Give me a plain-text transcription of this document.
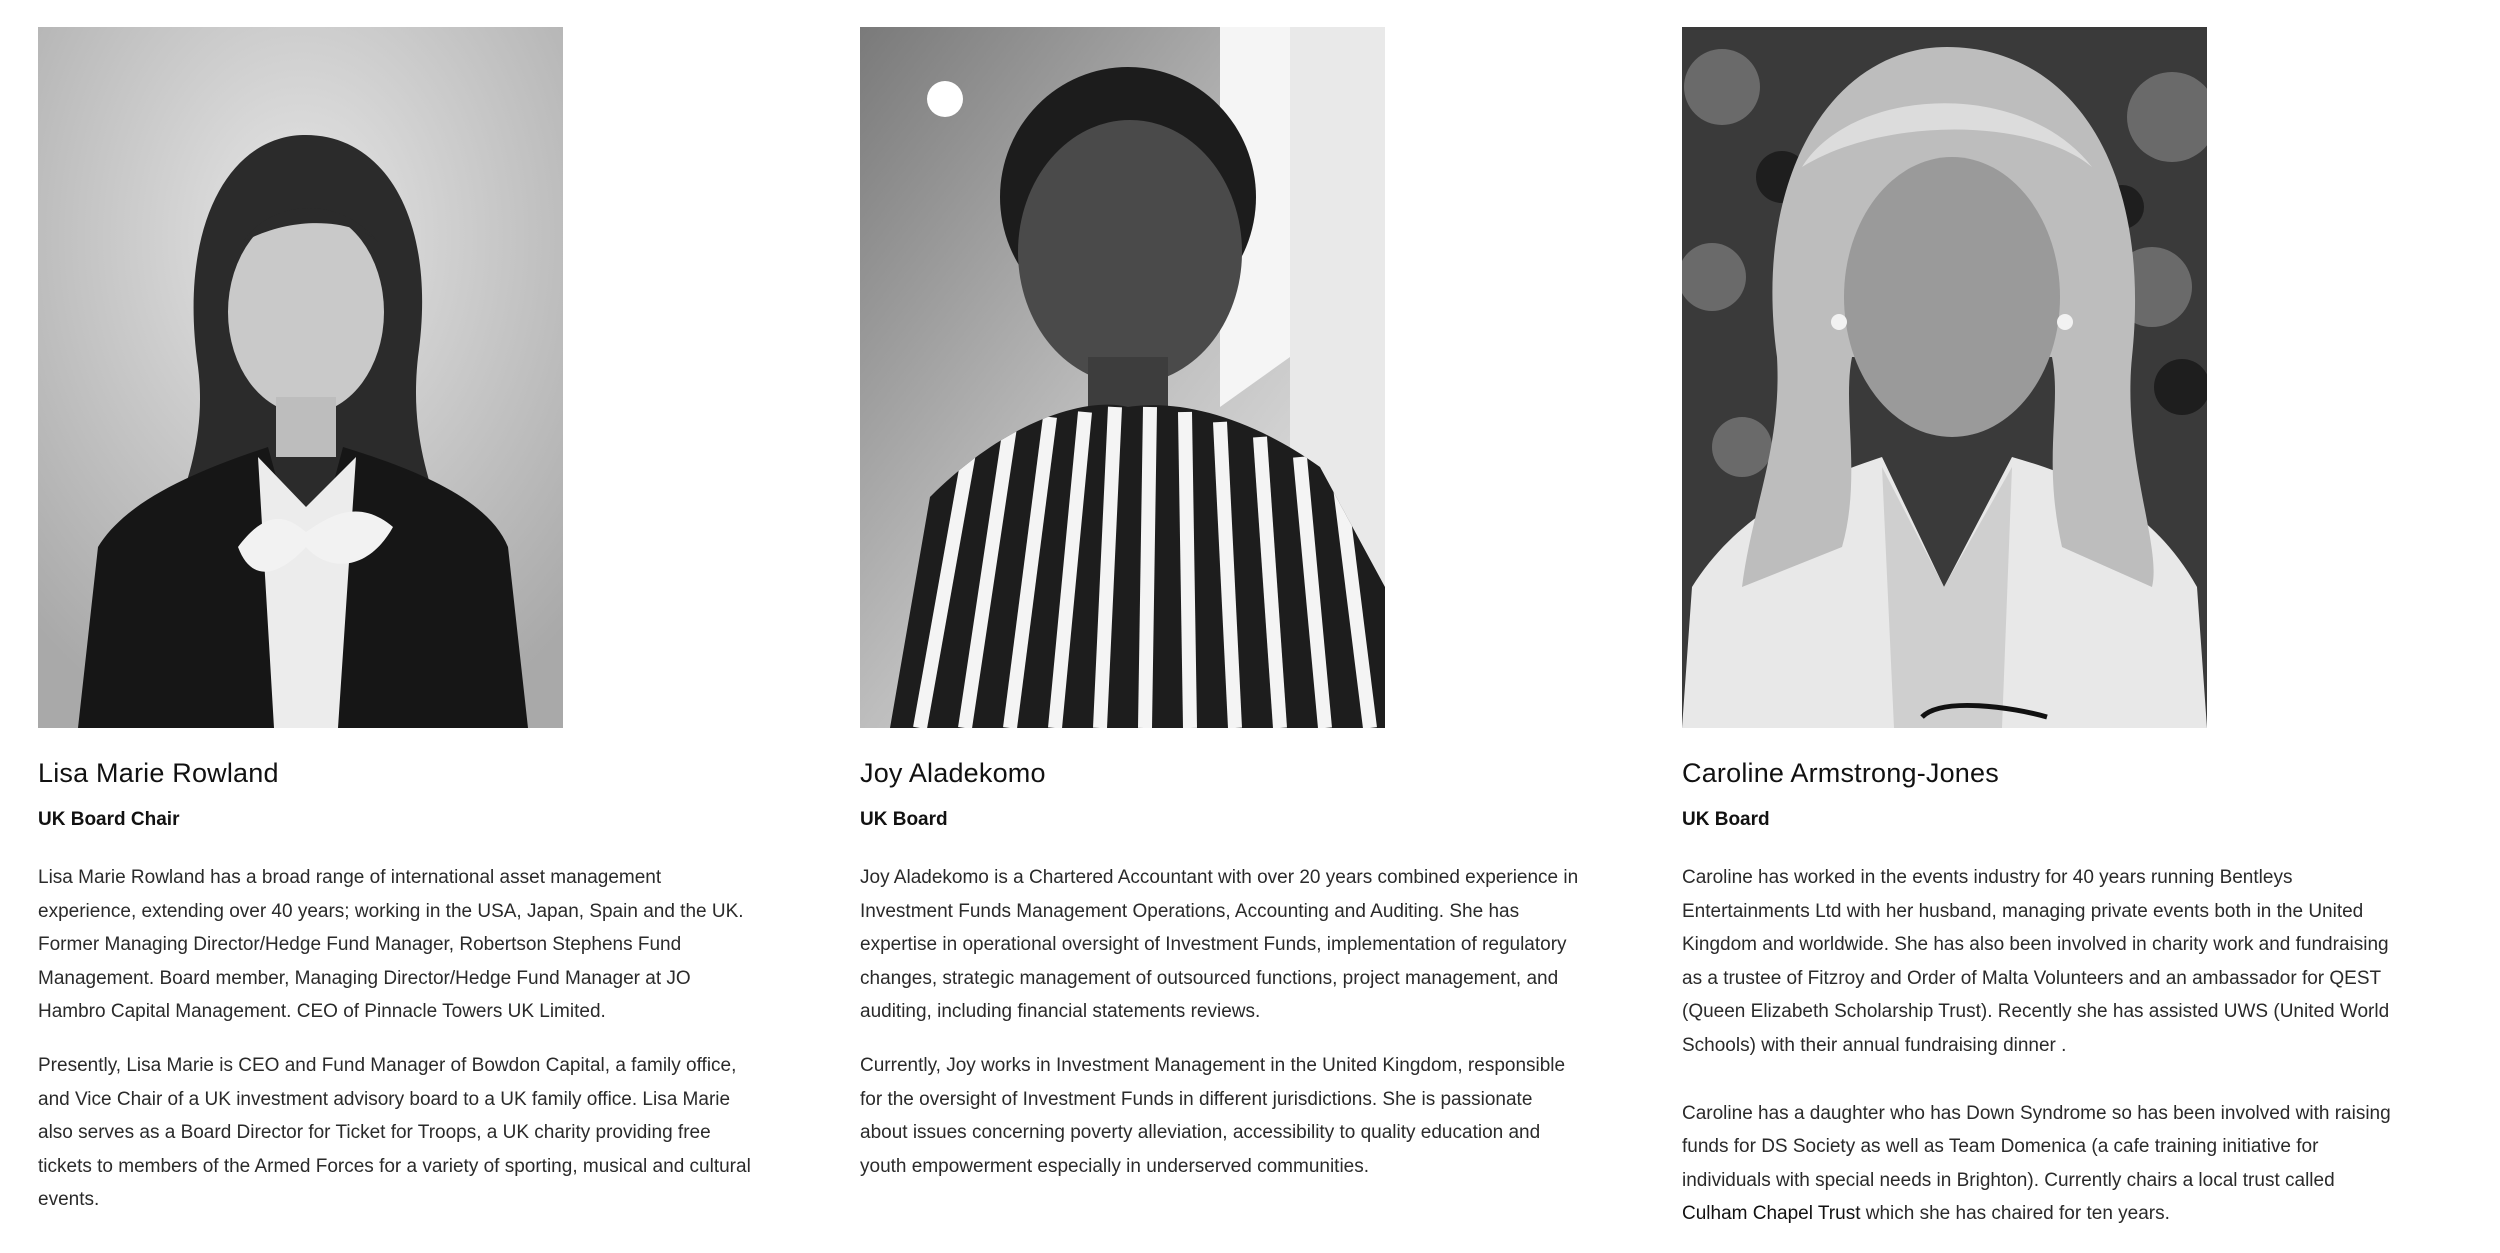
Lisa Marie Rowland
UK Board Chair

Lisa Marie Rowland has a broad range of international asset management experience, extending over 40 years; working in the USA, Japan, Spain and the UK. Former Managing Director/Hedge Fund Manager, Robertson Stephens Fund Management. Board member, Managing Director/Hedge Fund Manager at JO Hambro Capital Management. CEO of Pinnacle Towers UK Limited.

Presently, Lisa Marie is CEO and Fund Manager of Bowdon Capital, a family office, and Vice Chair of a UK investment advisory board to a UK family office. Lisa Marie also serves as a Board Director for Ticket for Troops, a UK charity providing free tickets to members of the Armed Forces for a variety of sporting, musical and cultural events.

Joy Aladekomo
UK Board

Joy Aladekomo is a Chartered Accountant with over 20 years combined experience in Investment Funds Management Operations, Accounting and Auditing. She has expertise in operational oversight of Investment Funds, implementation of regulatory changes, strategic management of outsourced functions, project management, and auditing, including financial statements reviews.

Currently, Joy works in Investment Management in the United Kingdom, responsible for the oversight of Investment Funds in different jurisdictions. She is passionate about issues concerning poverty alleviation, accessibility to quality education and youth empowerment especially in underserved communities.

Caroline Armstrong-Jones
UK Board

Caroline has worked in the events industry for 40 years running Bentleys Entertainments Ltd with her husband, managing private events both in the United Kingdom and worldwide. She has also been involved in charity work and fundraising as a trustee of Fitzroy and Order of Malta Volunteers and an ambassador for QEST (Queen Elizabeth Scholarship Trust). Recently she has assisted UWS (United World Schools) with their annual fundraising dinner .

Caroline has a daughter who has Down Syndrome so has been involved with raising funds for DS Society as well as Team Domenica (a cafe training initiative for individuals with special needs in Brighton). Currently chairs a local trust called Culham Chapel Trust which she has chaired for ten years.
